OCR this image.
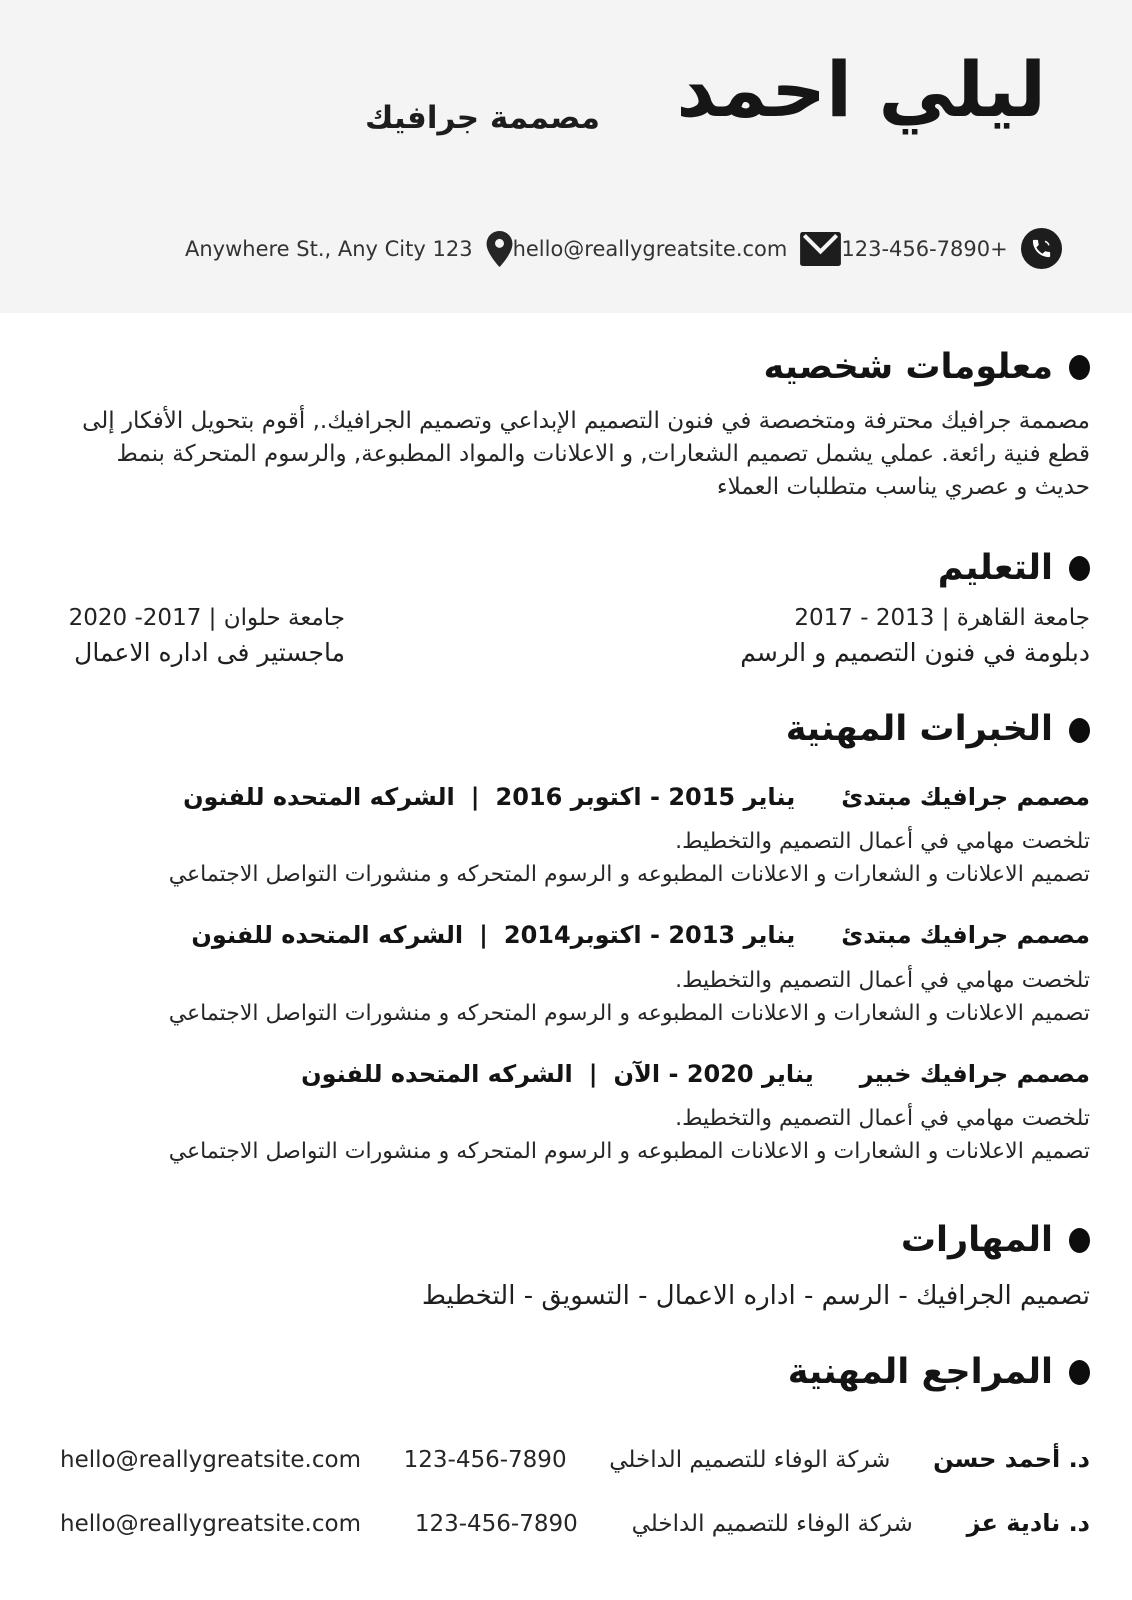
ليلي احمد
مصممة جرافيك
Anywhere St., Any City 123 hello@reallygreatsite.com	123-456-7890+
معلومات شخصيه

مصممة جرافيك محترفة ومتخصصة في فنون التصميم الإبداعي وتصميم الجرافيك., أقوم بتحويل الأفكار إلى قطع فنية رائعة. عملي يشمل تصميم الشعارات, و الاعلانات والمواد المطبوعة, والرسوم المتحركة بنمط حديث و عصري يناسب متطلبات العملاء

التعليم
جامعة القاهرة | 2013 - 2017
دبلومة في فنون التصميم و الرسم
جامعة حلوان | 2017- 2020
ماجستير فى اداره الاعمال
الخبرات المهنية
مصمم جرافيك مبتدئ
يناير 2015 - اكتوبر 2016
|
الشركه المتحده للفنون
تلخصت مهامي في أعمال التصميم والتخطيط.
تصميم الاعلانات و الشعارات و الاعلانات المطبوعه و الرسوم المتحركه و منشورات التواصل الاجتماعي
مصمم جرافيك مبتدئ
يناير 2013 - اكتوبر2014
|
الشركه المتحده للفنون
تلخصت مهامي في أعمال التصميم والتخطيط.
تصميم الاعلانات و الشعارات و الاعلانات المطبوعه و الرسوم المتحركه و منشورات التواصل الاجتماعي
مصمم جرافيك خبير
يناير 2020 - الآن
|
الشركه المتحده للفنون
تلخصت مهامي في أعمال التصميم والتخطيط.
تصميم الاعلانات و الشعارات و الاعلانات المطبوعه و الرسوم المتحركه و منشورات التواصل الاجتماعي
المهارات
تصميم الجرافيك - الرسم - اداره الاعمال - التسويق - التخطيط
المراجع المهنية
د. أحمد حسن
شركة الوفاء للتصميم الداخلي
123-456-7890
hello@reallygreatsite.com
د. نادية عز
شركة الوفاء للتصميم الداخلي
123-456-7890
hello@reallygreatsite.com
